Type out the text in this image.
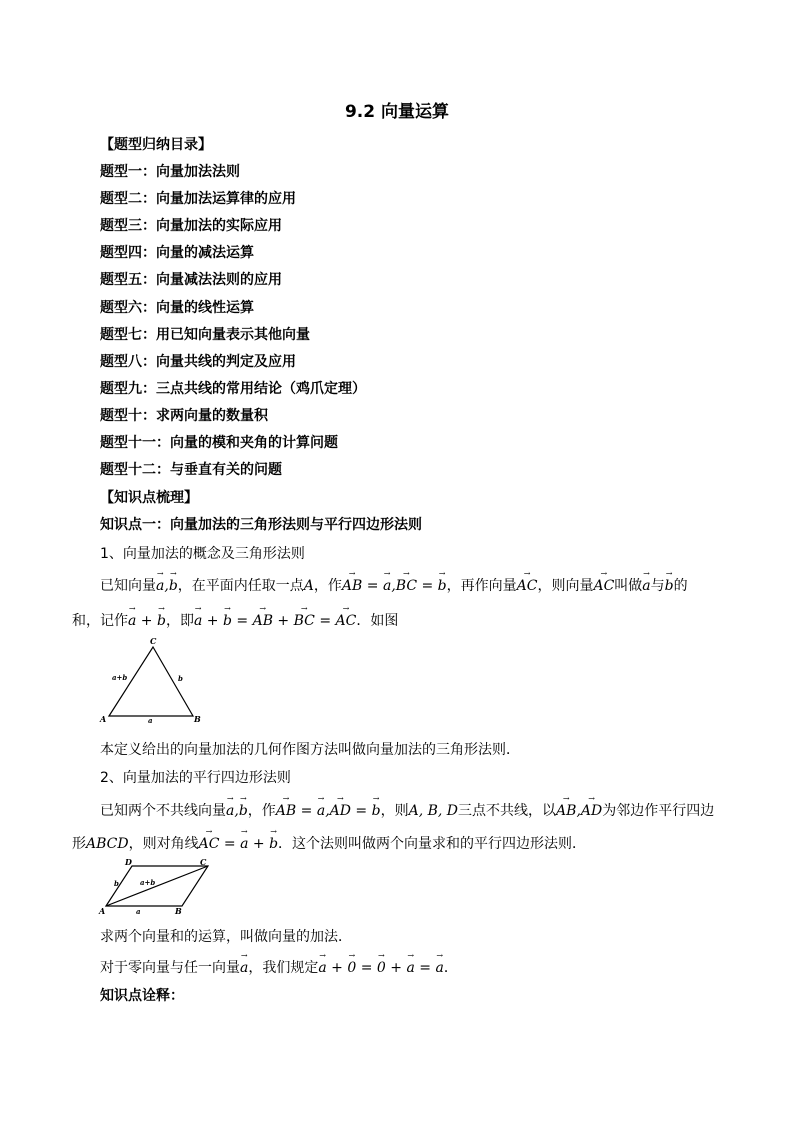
9.2 向量运算
【题型归纳目录】
题型一：向量加法法则
题型二：向量加法运算律的应用
题型三：向量加法的实际应用
题型四：向量的减法运算
题型五：向量减法法则的应用
题型六：向量的线性运算
题型七：用已知向量表示其他向量
题型八：向量共线的判定及应用
题型九：三点共线的常用结论（鸡爪定理）
题型十：求两向量的数量积
题型十一：向量的模和夹角的计算问题
题型十二：与垂直有关的问题
【知识点梳理】
知识点一：向量加法的三角形法则与平行四边形法则
1、向量加法的概念及三角形法则
已知向量→ a,→ b，在平面内任取一点A，作→ AB = → a,→ BC = → b，再作向量→ AC，则向量→ AC叫做→ a与→ b的
和，记作→ a + → b，即→ a + → b = → AB + → BC = → AC．如图
C
A	B
a+b	b
a
本定义给出的向量加法的几何作图方法叫做向量加法的三角形法则．
2、向量加法的平行四边形法则
已知两个不共线向量→ a,→ b，作→ AB = → a,→ AD = → b，则A, B, D三点不共线，以→ AB,→ AD为邻边作平行四边
形ABCD，则对角线→ AC = → a + → b．这个法则叫做两个向量求和的平行四边形法则．
D	C
A	B
b	a+b
a
求两个向量和的运算，叫做向量的加法．
对于零向量与任一向量→ a，我们规定→ a + → 0 = → 0 + → a = → a．
知识点诠释：
